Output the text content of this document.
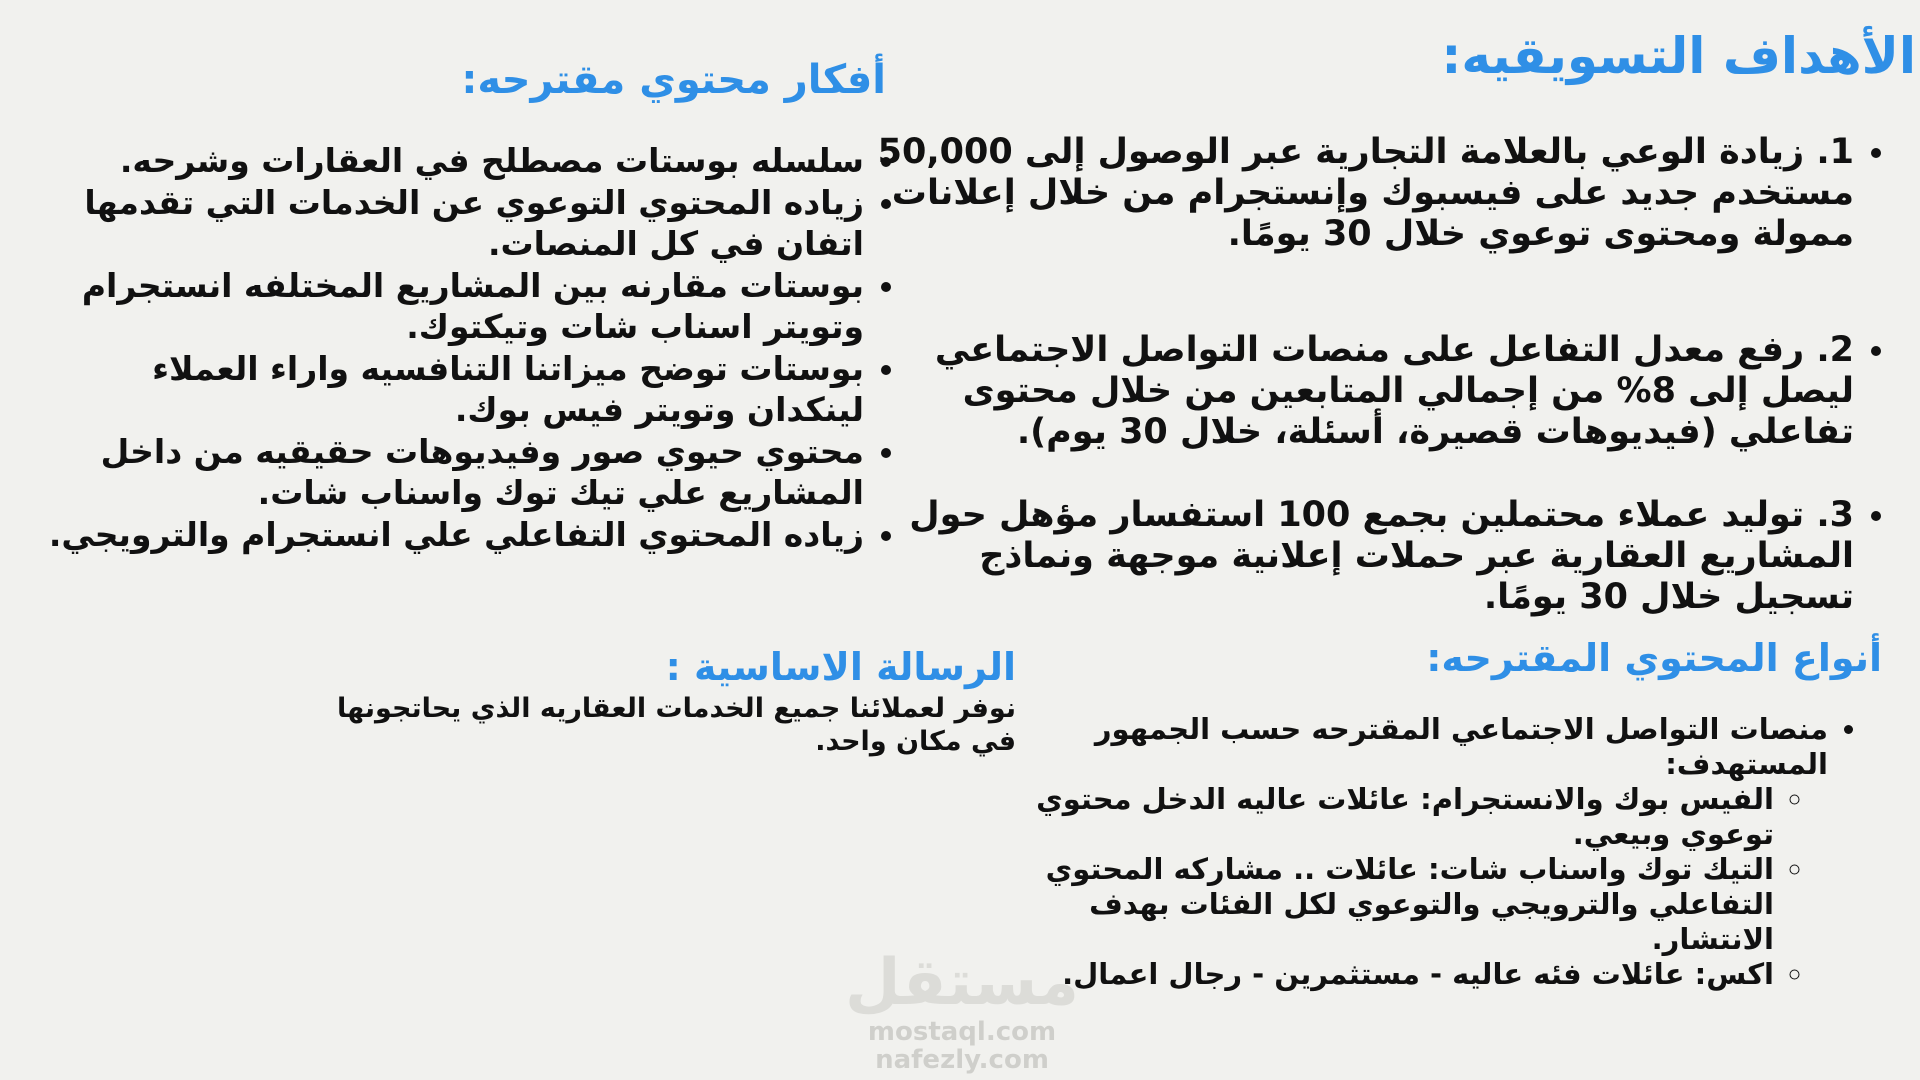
الأهداف التسويقيه:
• 1. زيادة الوعي بالعلامة التجارية عبر الوصول إلى 50,000 مستخدم جديد على فيسبوك وإنستجرام من خلال إعلانات ممولة ومحتوى توعوي خلال 30 يومًا.
• 2. رفع معدل التفاعل على منصات التواصل الاجتماعي ليصل إلى 8% من إجمالي المتابعين من خلال محتوى تفاعلي (فيديوهات قصيرة، أسئلة، خلال 30 يوم).
• 3. توليد عملاء محتملين بجمع 100 استفسار مؤهل حول المشاريع العقارية عبر حملات إعلانية موجهة ونماذج تسجيل خلال 30 يومًا.
أفكار محتوي مقترحه:
• سلسله بوستات مصطلح في العقارات وشرحه.
• زياده المحتوي التوعوي عن الخدمات التي تقدمها اتفان في كل المنصات.
• بوستات مقارنه بين المشاريع المختلفه انستجرام وتويتر اسناب شات وتيكتوك.
• بوستات توضح ميزاتنا التنافسيه واراء العملاء لينكدان وتويتر فيس بوك.
• محتوي حيوي صور وفيديوهات حقيقيه من داخل المشاريع علي تيك توك واسناب شات.
• زياده المحتوي التفاعلي علي انستجرام والترويجي.
أنواع المحتوي المقترحه:
• منصات التواصل الاجتماعي المقترحه حسب الجمهور المستهدف:
◦ الفيس بوك والانستجرام: عائلات عاليه الدخل محتوي توعوي وبيعي.
◦ التيك توك واسناب شات: عائلات .. مشاركه المحتوي التفاعلي والترويجي والتوعوي لكل الفئات بهدف الانتشار.
◦ اكس: عائلات فئه عاليه - مستثمرين - رجال اعمال.
الرسالة الاساسية :

نوفر لعملائنا جميع الخدمات العقاريه الذي يحاتجونها في مكان واحد.

مستقل
mostaql.com
nafezly.com
